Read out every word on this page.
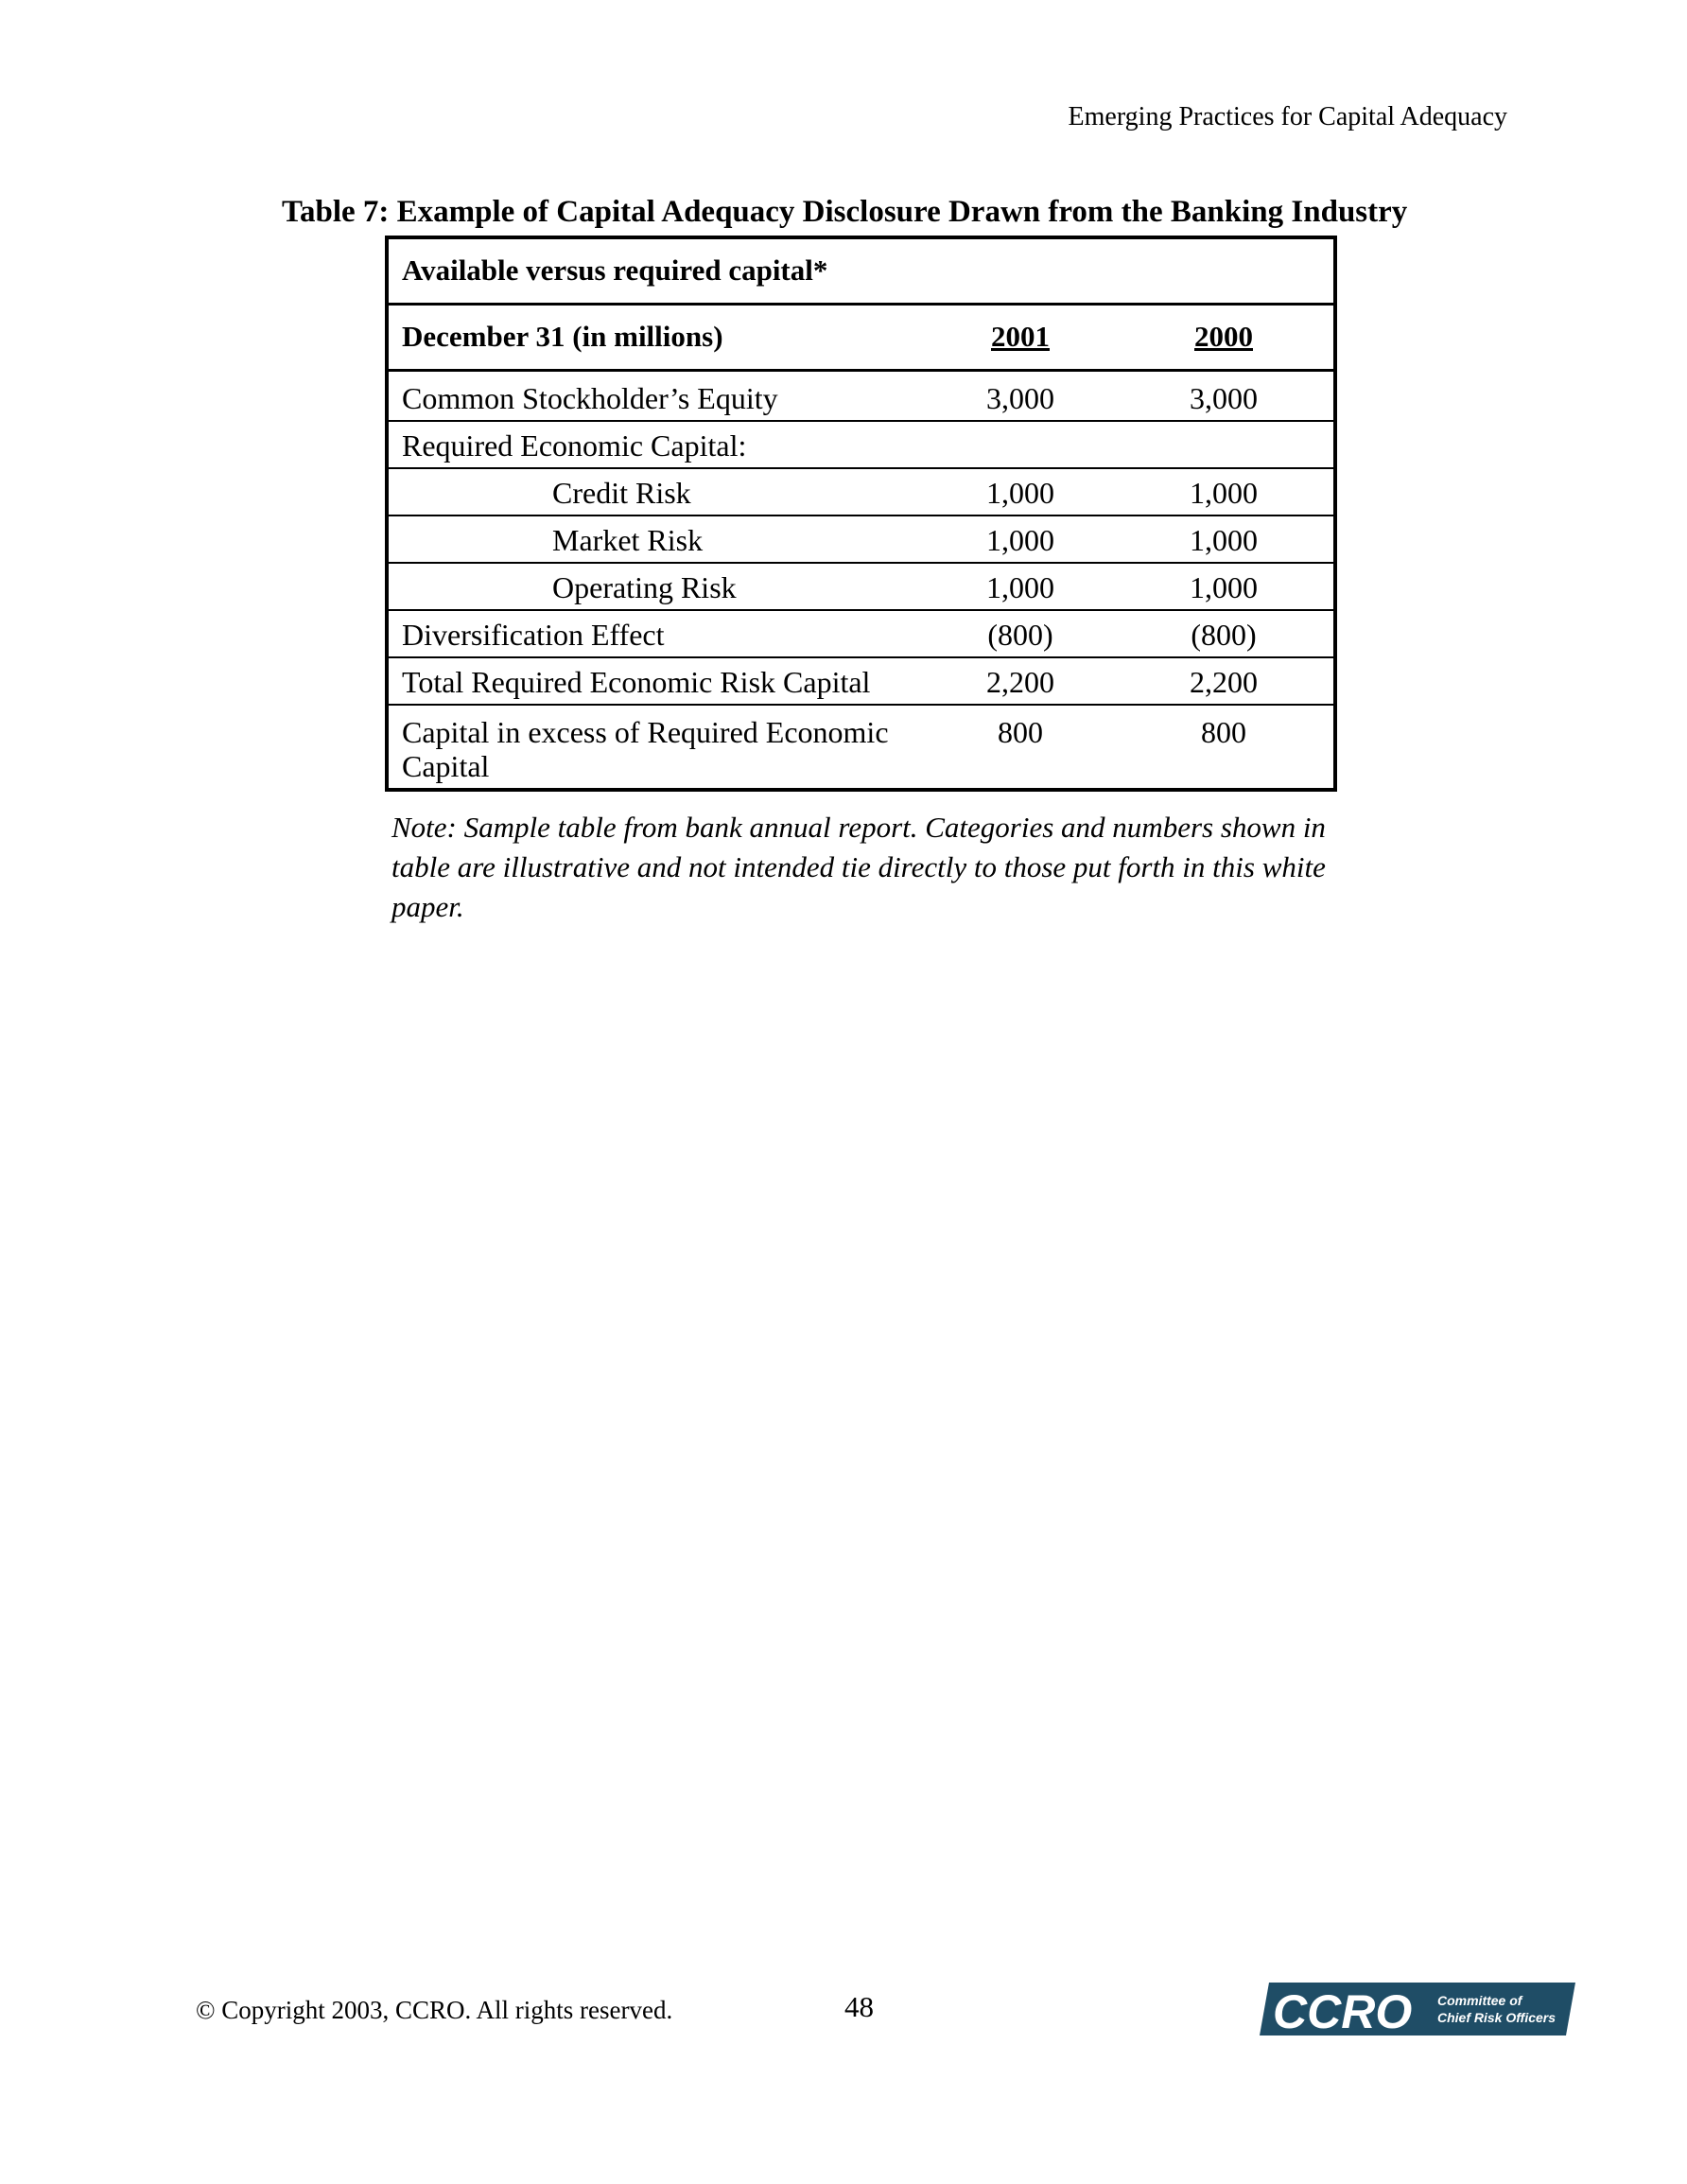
Emerging Practices for Capital Adequacy
Table 7: Example of Capital Adequacy Disclosure Drawn from the Banking Industry
Available versus required capital*		
December 31 (in millions)	2001	2000
Common Stockholder’s Equity	3,000	3,000
Required Economic Capital:		
Credit Risk	1,000	1,000
Market Risk	1,000	1,000
Operating Risk	1,000	1,000
Diversification Effect	(800)	(800)
Total Required Economic Risk Capital	2,200	2,200
Capital in excess of Required Economic Capital	800	800
Note: Sample table from bank annual report. Categories and numbers shown in table are illustrative and not intended tie directly to those put forth in this white paper.
© Copyright 2003, CCRO. All rights reserved.	48	CCRO Committee of
Chief Risk Officers
